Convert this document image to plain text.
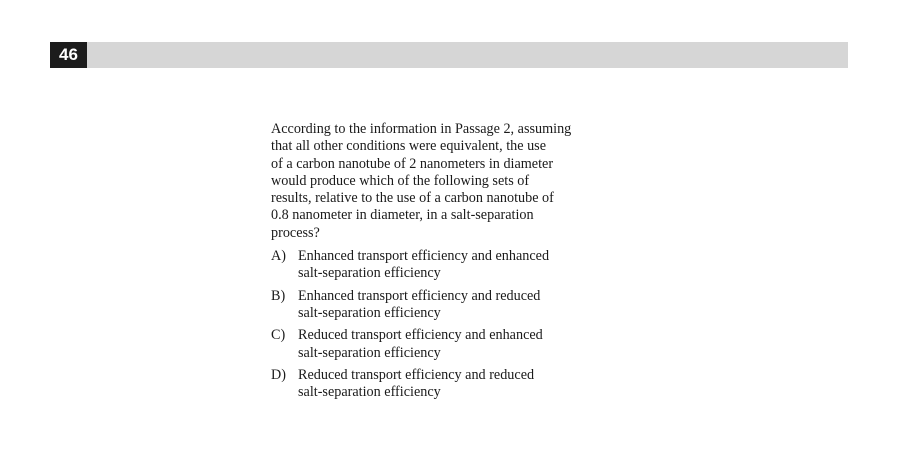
46

According to the information in Passage 2, assuming
that all other conditions were equivalent, the use
of a carbon nanotube of 2 nanometers in diameter
would produce which of the following sets of
results, relative to the use of a carbon nanotube of
0.8 nanometer in diameter, in a salt-separation
process?

A) Enhanced transport efficiency and enhanced
salt-separation efficiency
B) Enhanced transport efficiency and reduced
salt-separation efficiency
C) Reduced transport efficiency and enhanced
salt-separation efficiency
D) Reduced transport efficiency and reduced
salt-separation efficiency
